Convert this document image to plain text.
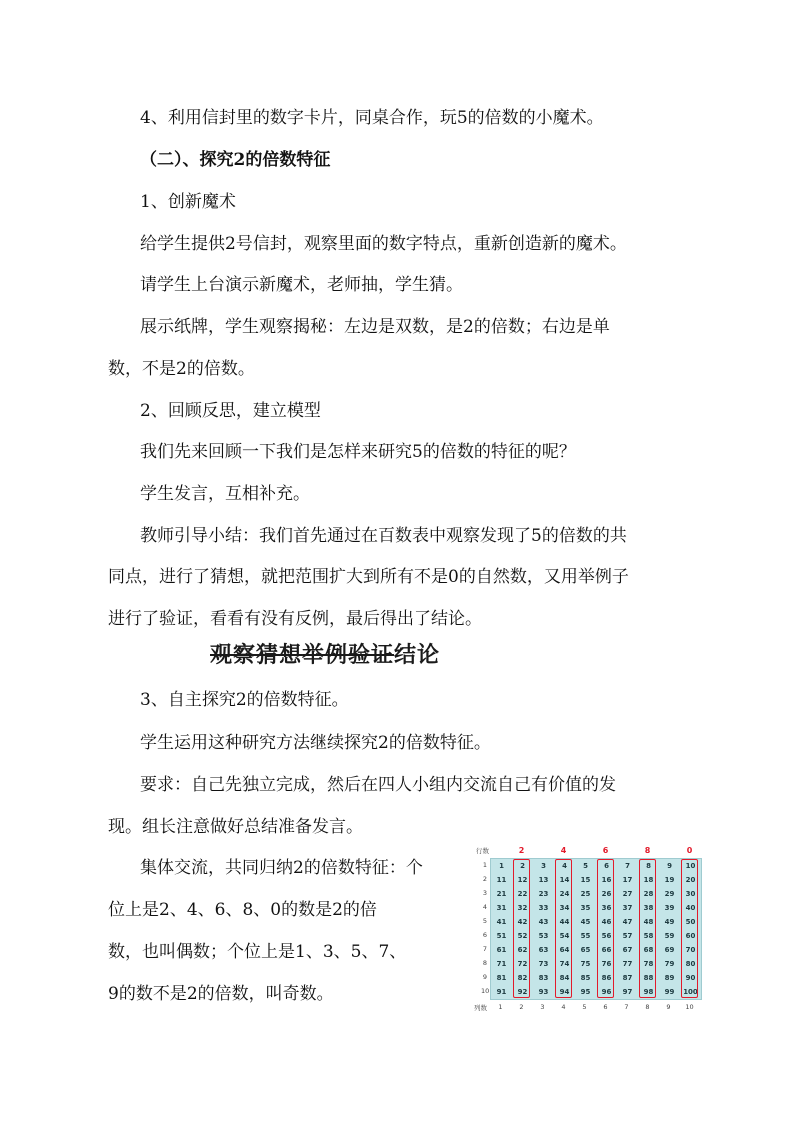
4、利用信封里的数字卡片，同桌合作，玩5的倍数的小魔术。
（二）、探究2的倍数特征
1、创新魔术
给学生提供2号信封，观察里面的数字特点，重新创造新的魔术。
请学生上台演示新魔术，老师抽，学生猜。
展示纸牌，学生观察揭秘：左边是双数，是2的倍数；右边是单
数，不是2的倍数。
2、回顾反思，建立模型
我们先来回顾一下我们是怎样来研究5的倍数的特征的呢？
学生发言，互相补充。
教师引导小结：我们首先通过在百数表中观察发现了5的倍数的共
同点，进行了猜想，就把范围扩大到所有不是0的自然数，又用举例子
进行了验证，看看有没有反例，最后得出了结论。
观察猜想举例验证结论
3、自主探究2的倍数特征。
学生运用这种研究方法继续探究2的倍数特征。
要求：自己先独立完成，然后在四人小组内交流自己有价值的发
现。组长注意做好总结准备发言。
集体交流，共同归纳2的倍数特征：个
位上是2、4、6、8、0的数是2的倍
数，也叫偶数；个位上是1、3、5、7、
9的数不是2的倍数，叫奇数。
行数
列数
1	2	3	4	5	6	7	8	9	10
11	12	13	14	15	16	17	18	19	20
21	22	23	24	25	26	27	28	29	30
31	32	33	34	35	36	37	38	39	40
41	42	43	44	45	46	47	48	49	50
51	52	53	54	55	56	57	58	59	60
61	62	63	64	65	66	67	68	69	70
71	72	73	74	75	76	77	78	79	80
81	82	83	84	85	86	87	88	89	90
91	92	93	94	95	96	97	98	99	100
1
2
3
4
5
6
7
8
9
10
1	2	3	4	5	6	7	8	9	10
2	4	6	8	0
